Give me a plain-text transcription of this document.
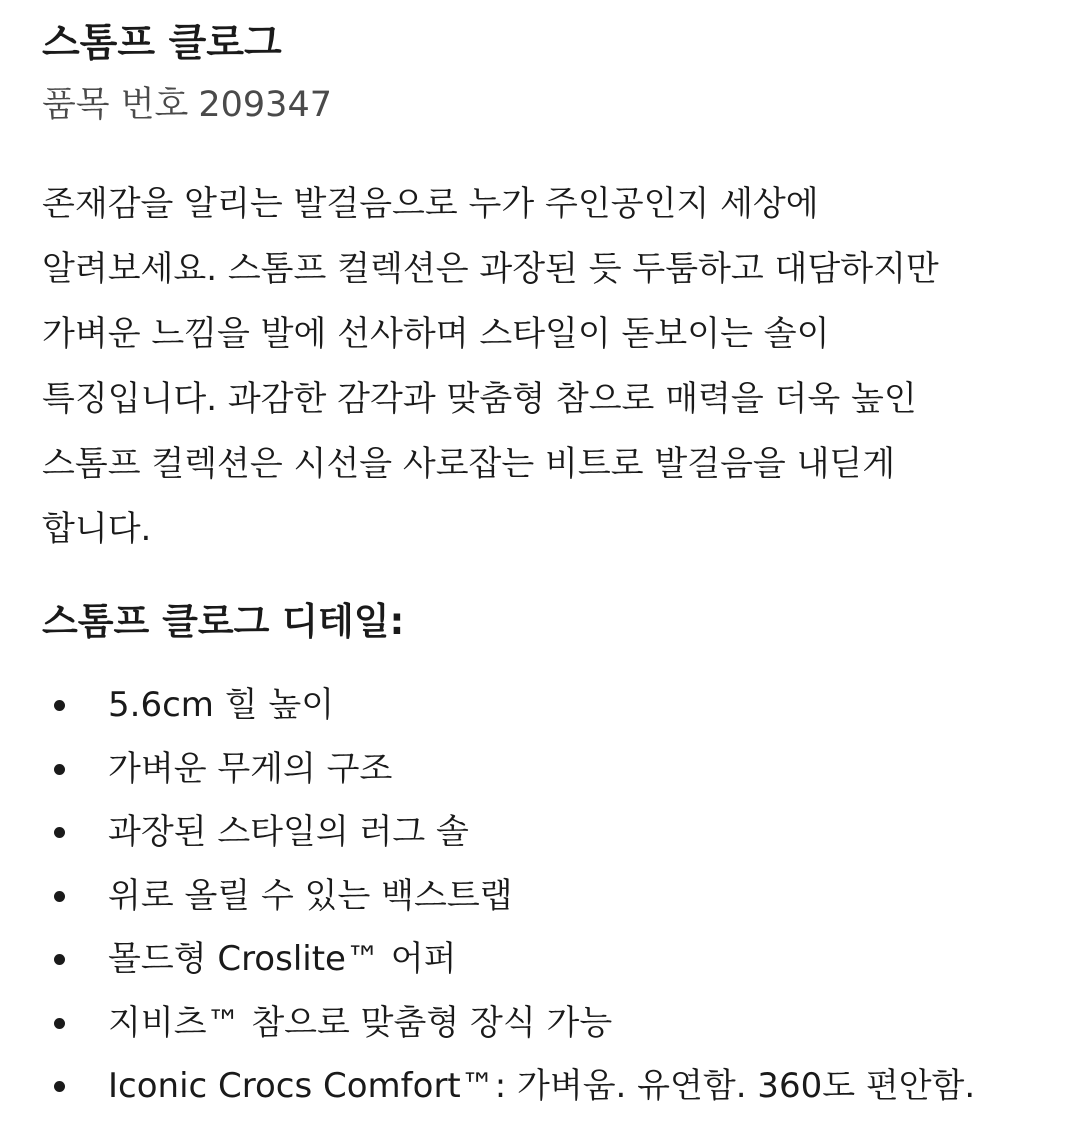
스톰프 클로그

품목 번호 209347

존재감을 알리는 발걸음으로 누가 주인공인지 세상에
알려보세요. 스톰프 컬렉션은 과장된 듯 두툼하고 대담하지만
가벼운 느낌을 발에 선사하며 스타일이 돋보이는 솔이
특징입니다. 과감한 감각과 맞춤형 참으로 매력을 더욱 높인
스톰프 컬렉션은 시선을 사로잡는 비트로 발걸음을 내딛게
합니다.

스톰프 클로그 디테일:
5.6cm 힐 높이
가벼운 무게의 구조
과장된 스타일의 러그 솔
위로 올릴 수 있는 백스트랩
몰드형 Croslite™ 어퍼
지비츠™ 참으로 맞춤형 장식 가능
Iconic Crocs Comfort™: 가벼움. 유연함. 360도 편안함.
